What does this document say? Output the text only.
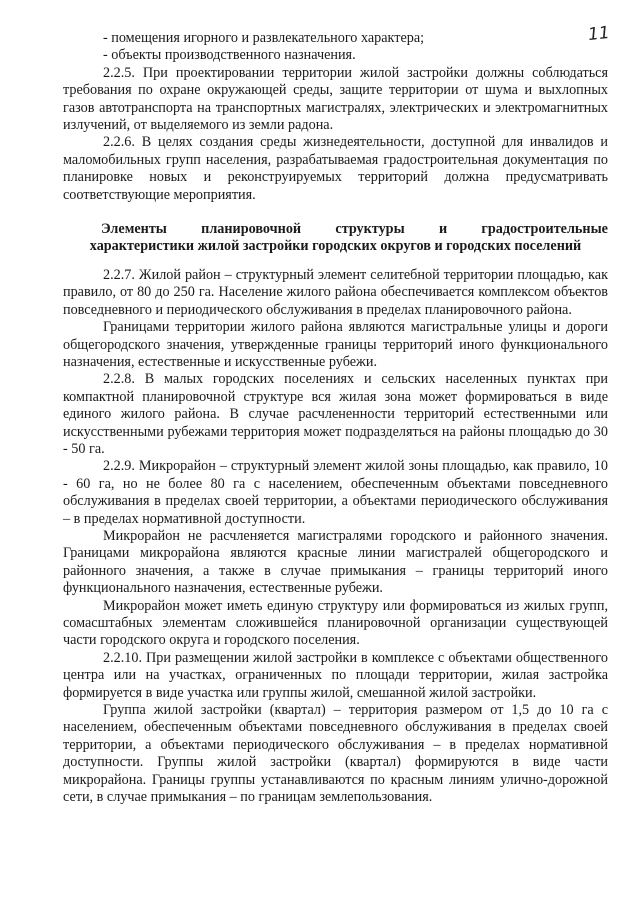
11

- помещения игорного и развлекательного характера;

- объекты производственного назначения.

2.2.5. При проектировании территории жилой застройки должны соблюдаться требования по охране окружающей среды, защите территории от шума и выхлопных газов автотранспорта на транспортных магистралях, электрических и электромагнитных излучений, от выделяемого из земли радона.

2.2.6. В целях создания среды жизнедеятельности, доступной для инвалидов и маломобильных групп населения, разрабатываемая градостроительная документация по планировке новых и реконструируемых территорий должна предусматривать соответствующие мероприятия.

Элементы планировочной структуры и градостроительные
характеристики жилой застройки городских округов и городских поселений

2.2.7. Жилой район – структурный элемент селитебной территории площадью, как правило, от 80 до 250 га. Население жилого района обеспечивается комплексом объектов повседневного и периодического обслуживания в пределах планировочного района.

Границами территории жилого района являются магистральные улицы и дороги общегородского значения, утвержденные границы территорий иного функционального назначения, естественные и искусственные рубежи.

2.2.8. В малых городских поселениях и сельских населенных пунктах при компактной планировочной структуре вся жилая зона может формироваться в виде единого жилого района. В случае расчлененности территорий естественными или искусственными рубежами территория может подразделяться на районы площадью до 30 - 50 га.

2.2.9. Микрорайон – структурный элемент жилой зоны площадью, как правило, 10 - 60 га, но не более 80 га с населением, обеспеченным объектами повседневного обслуживания в пределах своей территории, а объектами периодического обслуживания – в пределах нормативной доступности.

Микрорайон не расчленяется магистралями городского и районного значения. Границами микрорайона являются красные линии магистралей общегородского и районного значения, а также в случае примыкания – границы территорий иного функционального назначения, естественные рубежи.

Микрорайон может иметь единую структуру или формироваться из жилых групп, сомасштабных элементам сложившейся планировочной организации существующей части городского округа и городского поселения.

2.2.10. При размещении жилой застройки в комплексе с объектами общественного центра или на участках, ограниченных по площади территории, жилая застройка формируется в виде участка или группы жилой, смешанной жилой застройки.

Группа жилой застройки (квартал) – территория размером от 1,5 до 10 га с населением, обеспеченным объектами повседневного обслуживания в пределах своей территории, а объектами периодического обслуживания – в пределах нормативной доступности. Группы жилой застройки (квартал) формируются в виде части микрорайона. Границы группы устанавливаются по красным линиям улично-дорожной сети, в случае примыкания – по границам землепользования.
